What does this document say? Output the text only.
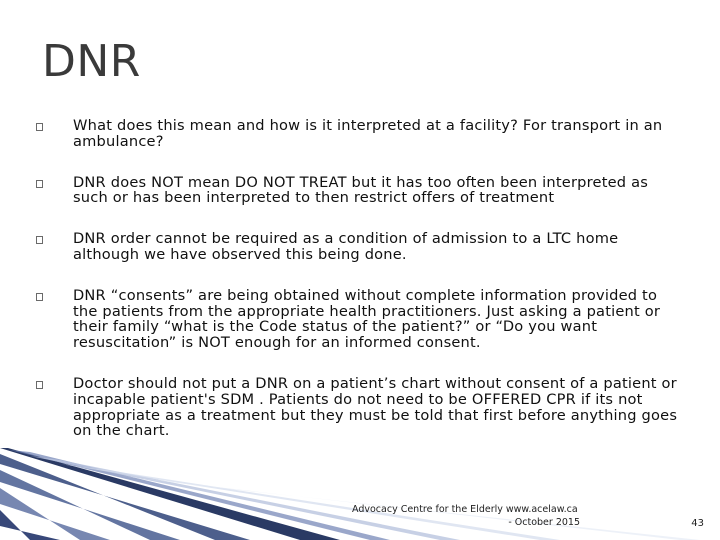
DNR
What does this mean and how is it interpreted at a facility? For transport in an ambulance?
DNR does NOT mean DO NOT TREAT but it has too often been interpreted as such or has been interpreted to then restrict offers of treatment
DNR order cannot be required as a condition of admission to a LTC home although we have observed this being done.
DNR “consents” are being obtained without complete information provided to the patients from the appropriate health practitioners. Just asking a patient or their family “what is the Code status of the patient?” or “Do you want resuscitation” is NOT enough for an informed consent.
Doctor should not put a DNR on a patient’s chart without consent of a patient or incapable patient's SDM . Patients do not need to be OFFERED CPR if its not appropriate as a treatment but they must be told that first before anything goes on the chart.
Advocacy Centre for the Elderly www.acelaw.ca
- October 2015	43
